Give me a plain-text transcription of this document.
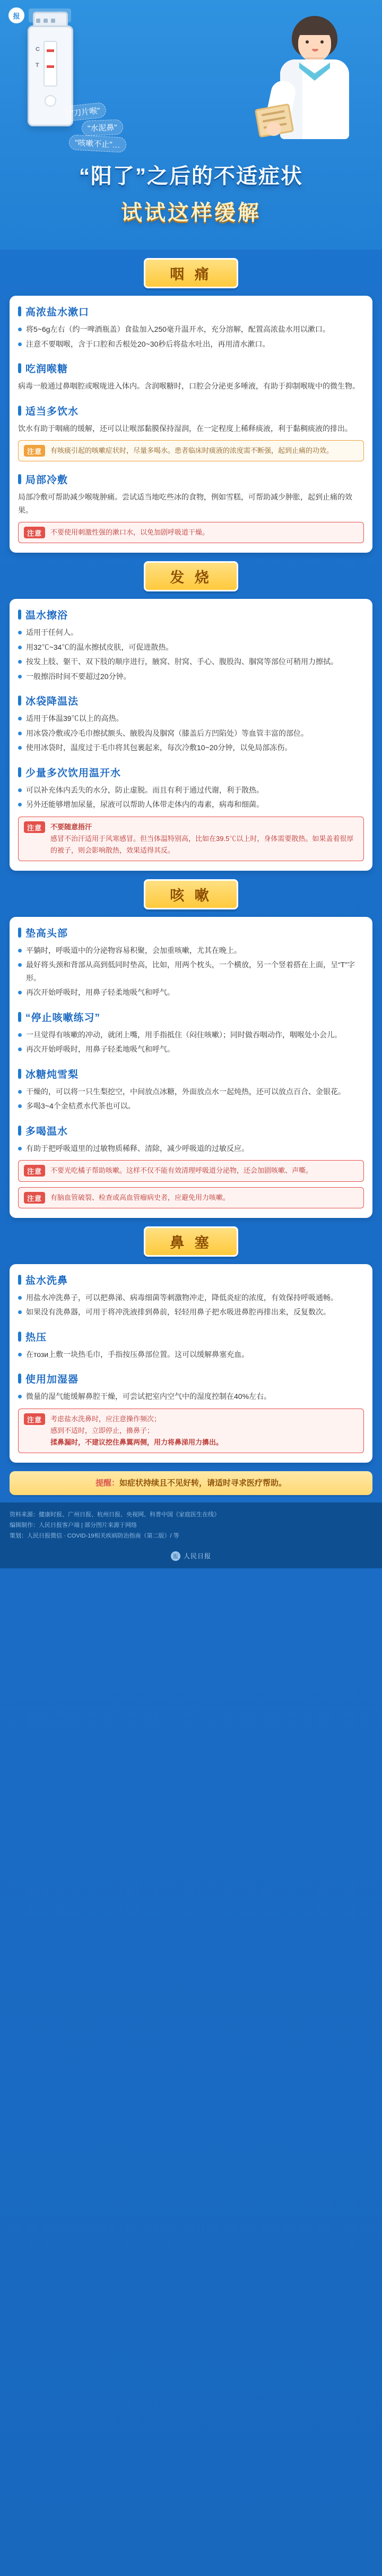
报
C
T
"刀片喉"
"水泥鼻"
"咳嗽不止"…
“阳了”之后的不适症状
试试这样缓解
咽 痛
高浓盐水漱口
将5~6g左右（约一啤酒瓶盖）食盐加入250毫升温开水，充分溶解，配置高浓盐水用以漱口。
注意不要咽喉，含于口腔和舌根处20~30秒后将盐水吐出，再用清水漱口。
吃润喉糖
病毒一般通过鼻咽腔或喉咙进入体内。含润喉糖时，口腔会分泌更多唾液，有助于抑制喉咙中的微生物。
适当多饮水
饮水有助于咽痛的缓解，还可以让喉部黏膜保持湿润，在一定程度上稀释痰液，利于黏稠痰液的排出。
注意	有咳痰引起的咳嗽症状时，尽量多喝水。患者临床时痰液的浓度需不断强，起到止痛的功效。
局部冷敷
局部冷敷可帮助减少喉咙肿痛。尝试适当地吃些冰的食物，例如雪糕，可帮助减少肿胀，起到止痛的效果。
注意	不要使用刺激性强的漱口水，以免加剧呼吸道干燥。
发 烧
温水擦浴
适用于任何人。
用32℃~34℃的温水擦拭皮肤，可促进散热。
按发上肢、躯干、双下肢的顺序进行，腋窝、肘窝、手心、腹股沟、腘窝等部位可稍用力擦拭。
一般擦浴时间不要超过20分钟。
冰袋降温法
适用于体温39℃以上的高热。
用冰袋冷敷或冷毛巾擦拭额头、腋股沟及腘窝（膝盖后方凹陷处）等血管丰富的部位。
使用冰袋时，温度过于毛巾将其包裹起来，每次冷敷10~20分钟，以免局部冻伤。
少量多次饮用温开水
可以补充体内丢失的水分，防止虚脱。而且有利于通过代谢，利于散热。
另外还能够增加尿量，尿液可以帮助人体带走体内的毒素，病毒和细菌。
注意	不要随意捂汗
感冒不治汗适用于风寒感冒。但当体温特别高，比如在39.5℃以上时，身体需要散热。如果盖着很厚的被子，则会影响散热，效果适得其反。
咳 嗽
垫高头部
平躺时，呼吸道中的分泌物容易积聚，会加重咳嗽，尤其在晚上。
最好将头颈和背部从高到低同时垫高，比如，用两个枕头，一个横放，另一个竖着搭在上面，呈“T”字形。
再次开始呼吸时，用鼻子轻柔地吸气和呼气。
“停止咳嗽练习”
一旦觉得有咳嗽的冲动，就闭上嘴，用手指抵住（闷住咳嗽）；同时做吞咽动作，咽喉处小会儿。
再次开始呼吸时，用鼻子轻柔地吸气和呼气。
冰糖炖雪梨
干燥的，可以将一只生梨挖空，中间放点冰糖，外面放点水一起炖热，还可以放点百合、金银花。
多喝3~4个金桔煮水代茶也可以。
多喝温水
有助于把呼吸道里的过敏物质稀释、清除，减少呼吸道的过敏反应。
注意	不要光吃橘子帮助咳嗽。这样不仅不能有效清理呼吸道分泌物，还会加剧咳嗽、声嘶。
注意	有脑血管破裂、检查或高血管瘤病史者，应避免用力咳嗽。
鼻 塞
盐水洗鼻
用盐水冲洗鼻子，可以把鼻涕、病毒细菌等刺激物冲走，降低炎症的浓度，有效保持呼吸通畅。
如果没有洗鼻器，可用于将冲洗液排到鼻前，轻轻用鼻子把水吸进鼻腔再排出来，反复数次。
热压
在този上敷一块热毛巾，手指按压鼻部位置。这可以缓解鼻塞充血。
使用加湿器
微量的湿气能缓解鼻腔干燥，可尝试把室内空气中的湿度控制在40%左右。
注意	考虑盐水洗鼻时，应注意操作频次；
感到不适时，立即停止，擤鼻子；
揉鼻漏时，不建议挖住鼻翼两侧，用力将鼻涕用力擤出。
提醒：如症状持续且不见好转，请适时寻求医疗帮助。
资料来源：健康时报、广州日报、杭州日报、央视网、科普中国《家庭医生在线》
编辑制作：人民日报客户端 | 部分图片来源于网络
策划：人民日报微信 · COVID-19相关疾病防治指南（第二版）/ 等
报 人民日报
